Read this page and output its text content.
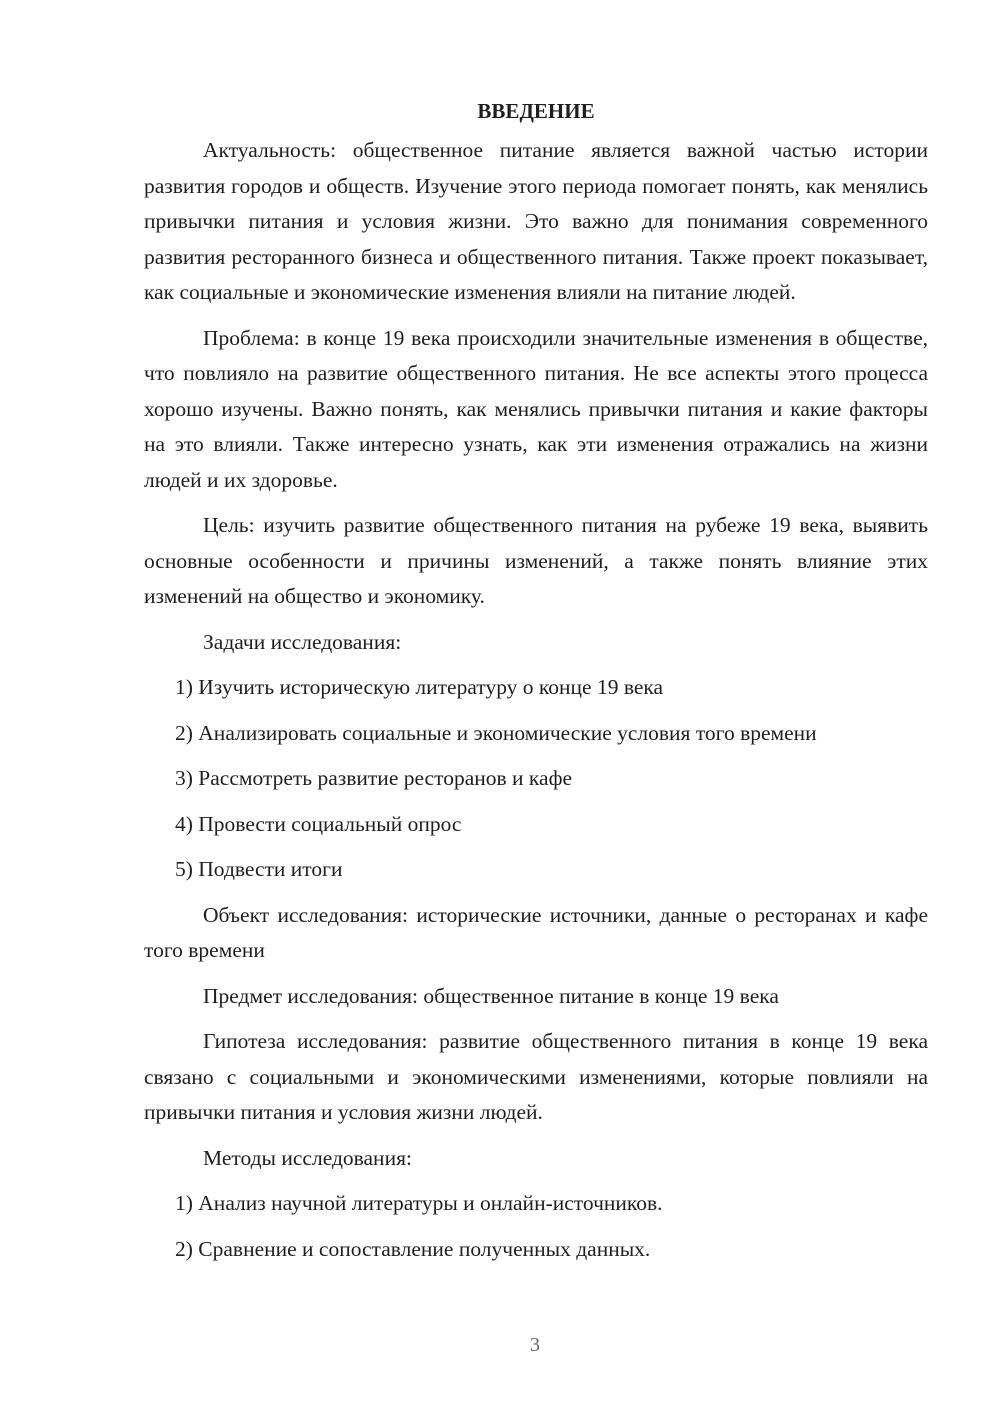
ВВЕДЕНИЕ

Актуальность: общественное питание является важной частью истории развития городов и обществ. Изучение этого периода помогает понять, как менялись привычки питания и условия жизни. Это важно для понимания современного развития ресторанного бизнеса и общественного питания. Также проект показывает, как социальные и экономические изменения влияли на питание людей.

Проблема: в конце 19 века происходили значительные изменения в обществе, что повлияло на развитие общественного питания. Не все аспекты этого процесса хорошо изучены. Важно понять, как менялись привычки питания и какие факторы на это влияли. Также интересно узнать, как эти изменения отражались на жизни людей и их здоровье.

Цель: изучить развитие общественного питания на рубеже 19 века, выявить основные особенности и причины изменений, а также понять влияние этих изменений на общество и экономику.

Задачи исследования:

1) Изучить историческую литературу о конце 19 века

2) Анализировать социальные и экономические условия того времени

3) Рассмотреть развитие ресторанов и кафе

4) Провести социальный опрос

5) Подвести итоги

Объект исследования: исторические источники, данные о ресторанах и кафе того времени

Предмет исследования: общественное питание в конце 19 века

Гипотеза исследования: развитие общественного питания в конце 19 века связано с социальными и экономическими изменениями, которые повлияли на привычки питания и условия жизни людей.

Методы исследования:

1) Анализ научной литературы и онлайн-источников.

2) Сравнение и сопоставление полученных данных.

3
